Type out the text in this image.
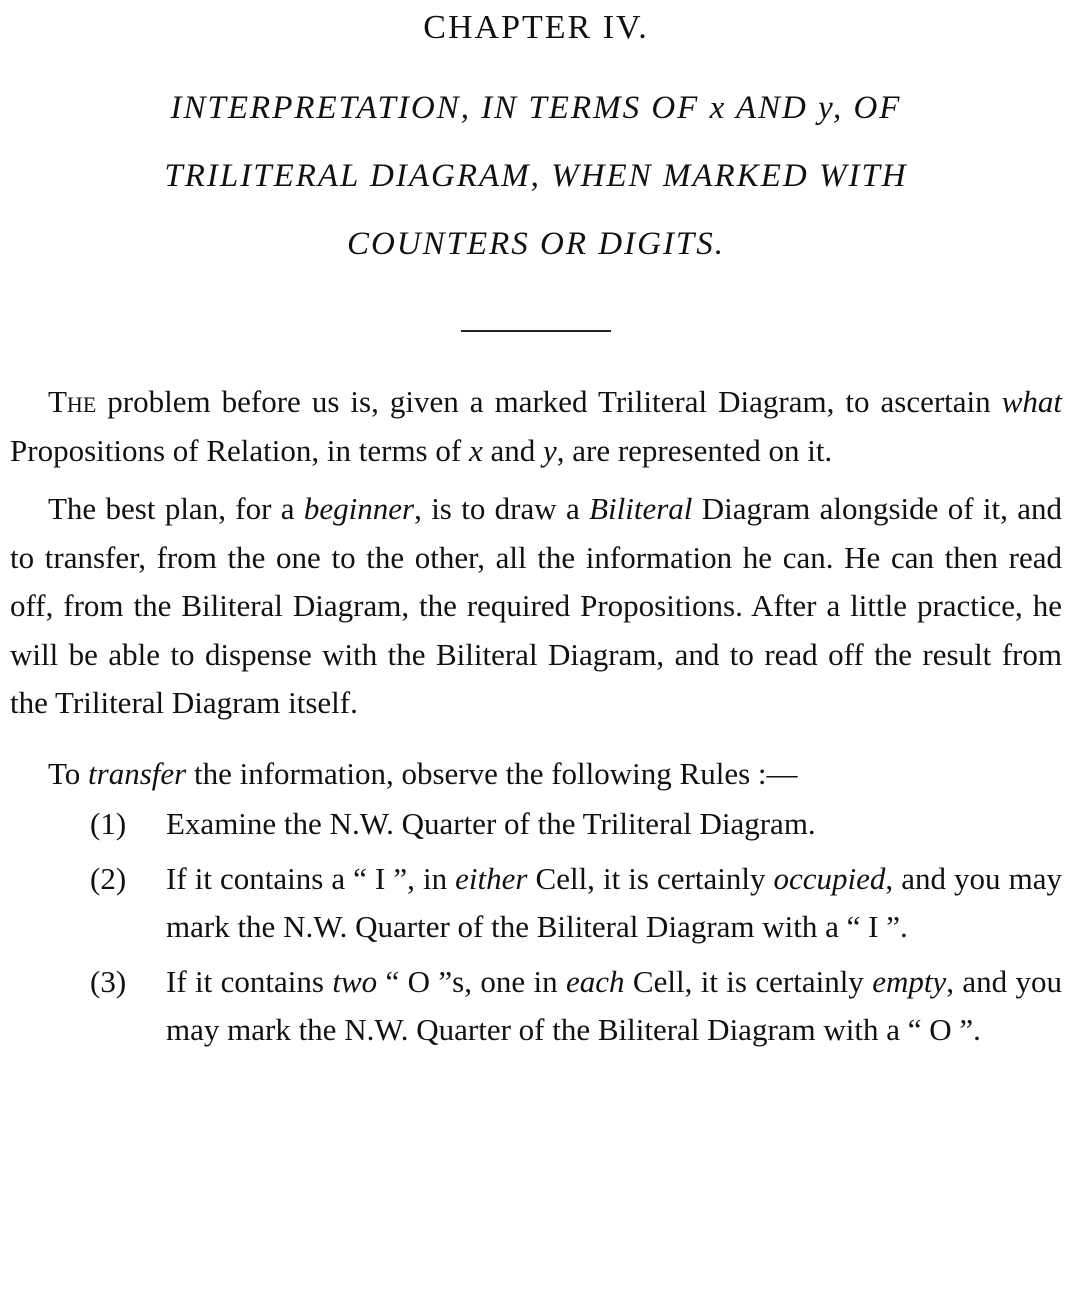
CHAPTER IV.
INTERPRETATION, IN TERMS OF x AND y, OF
TRILITERAL DIAGRAM, WHEN MARKED WITH
COUNTERS OR DIGITS.

The problem before us is, given a marked Triliteral Diagram, to ascertain what Propositions of Relation, in terms of x and y, are represented on it.

The best plan, for a beginner, is to draw a Biliteral Diagram alongside of it, and to transfer, from the one to the other, all the information he can. He can then read off, from the Biliteral Diagram, the required Propositions. After a little practice, he will be able to dispense with the Biliteral Diagram, and to read off the result from the Triliteral Diagram itself.

To transfer the information, observe the following Rules :—

(1) Examine the N.W. Quarter of the Triliteral Diagram.
(2) If it contains a “ I ”, in either Cell, it is certainly occupied, and you may mark the N.W. Quarter of the Biliteral Diagram with a “ I ”.
(3) If it contains two “ O ”s, one in each Cell, it is certainly empty, and you may mark the N.W. Quarter of the Biliteral Diagram with a “ O ”.
